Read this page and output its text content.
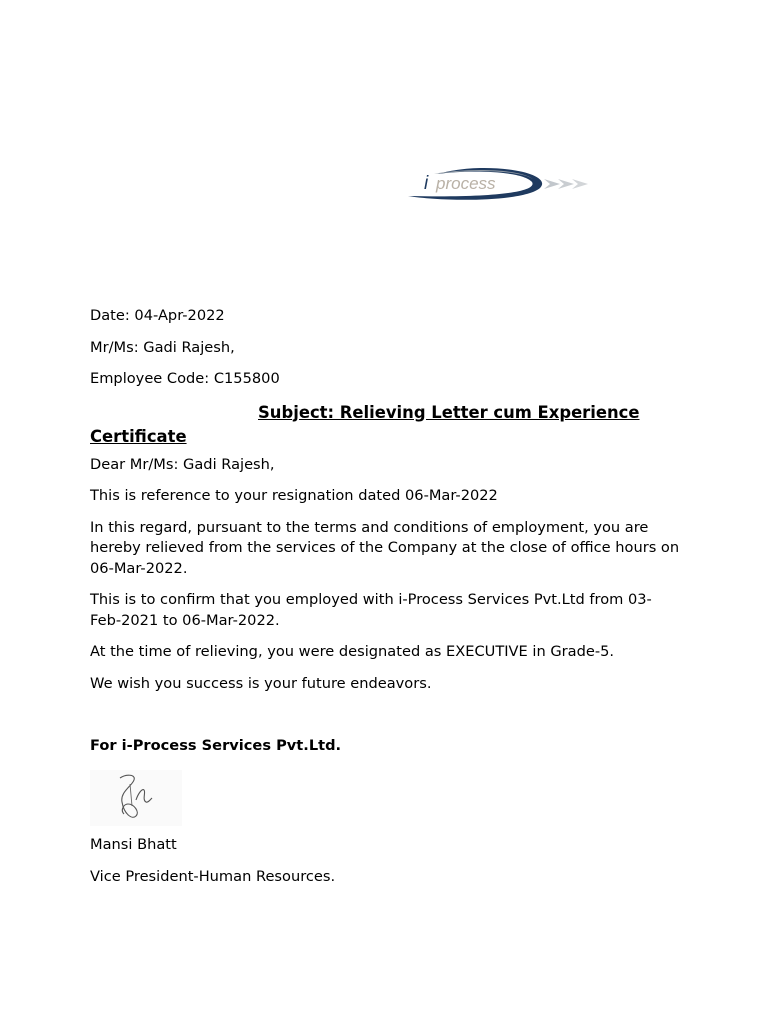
i process

Date: 04-Apr-2022

Mr/Ms: Gadi Rajesh,

Employee Code: C155800

Subject: Relieving Letter cum Experience Certificate

Dear Mr/Ms: Gadi Rajesh,

This is reference to your resignation dated 06-Mar-2022

In this regard, pursuant to the terms and conditions of employment, you are hereby relieved from the services of the Company at the close of office hours on 06-Mar-2022.

This is to confirm that you employed with i-Process Services Pvt.Ltd from 03-Feb-2021 to 06-Mar-2022.

At the time of relieving, you were designated as EXECUTIVE in Grade-5.

We wish you success is your future endeavors.

For i-Process Services Pvt.Ltd.

Mansi Bhatt

Vice President-Human Resources.
